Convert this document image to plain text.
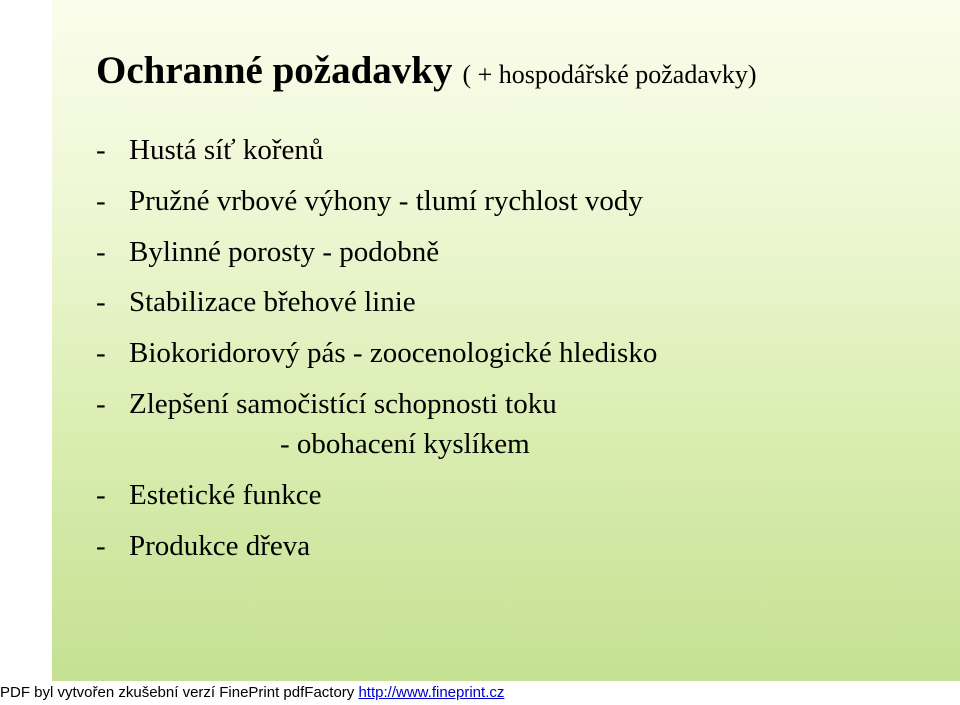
Ochranné požadavky ( + hospodářské požadavky)
- Hustá síť kořenů
- Pružné vrbové výhony - tlumí rychlost vody
- Bylinné porosty - podobně
- Stabilizace břehové linie
- Biokoridorový pás - zoocenologické hledisko
- Zlepšení samočistící schopnosti toku
- obohacení kyslíkem
- Estetické funkce
- Produkce dřeva
PDF byl vytvořen zkušební verzí FinePrint pdfFactory http://www.fineprint.cz
